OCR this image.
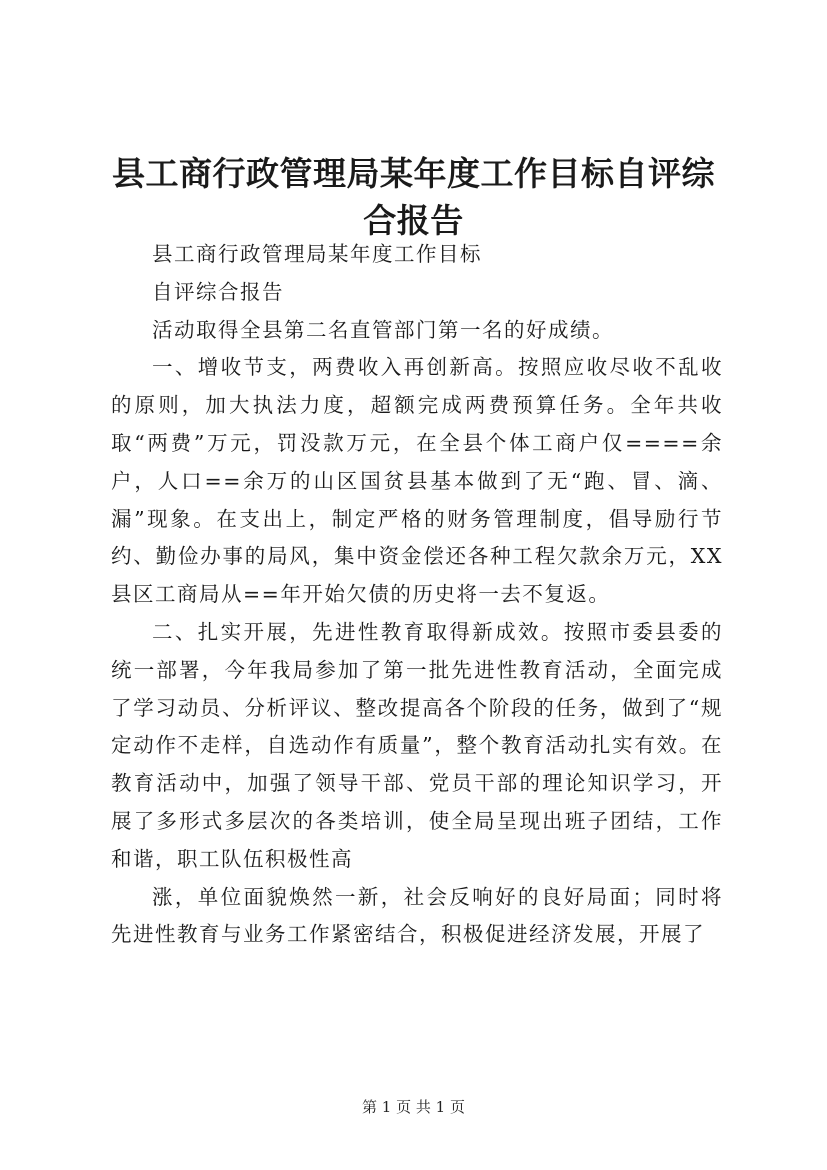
县工商行政管理局某年度工作目标自评综合报告

县工商行政管理局某年度工作目标

自评综合报告

活动取得全县第二名直管部门第一名的好成绩。

一、增收节支，两费收入再创新高。按照应收尽收不乱收的原则，加大执法力度，超额完成两费预算任务。全年共收取“两费”万元，罚没款万元，在全县个体工商户仅====余户，人口==余万的山区国贫县基本做到了无“跑、冒、滴、漏”现象。在支出上，制定严格的财务管理制度，倡导励行节约、勤俭办事的局风，集中资金偿还各种工程欠款余万元，XX县区工商局从==年开始欠债的历史将一去不复返。

二、扎实开展，先进性教育取得新成效。按照市委县委的统一部署，今年我局参加了第一批先进性教育活动，全面完成了学习动员、分析评议、整改提高各个阶段的任务，做到了“规定动作不走样，自选动作有质量”，整个教育活动扎实有效。在教育活动中，加强了领导干部、党员干部的理论知识学习，开展了多形式多层次的各类培训，使全局呈现出班子团结，工作和谐，职工队伍积极性高

涨，单位面貌焕然一新，社会反响好的良好局面；同时将先进性教育与业务工作紧密结合，积极促进经济发展，开展了

第 1 页 共 1 页
